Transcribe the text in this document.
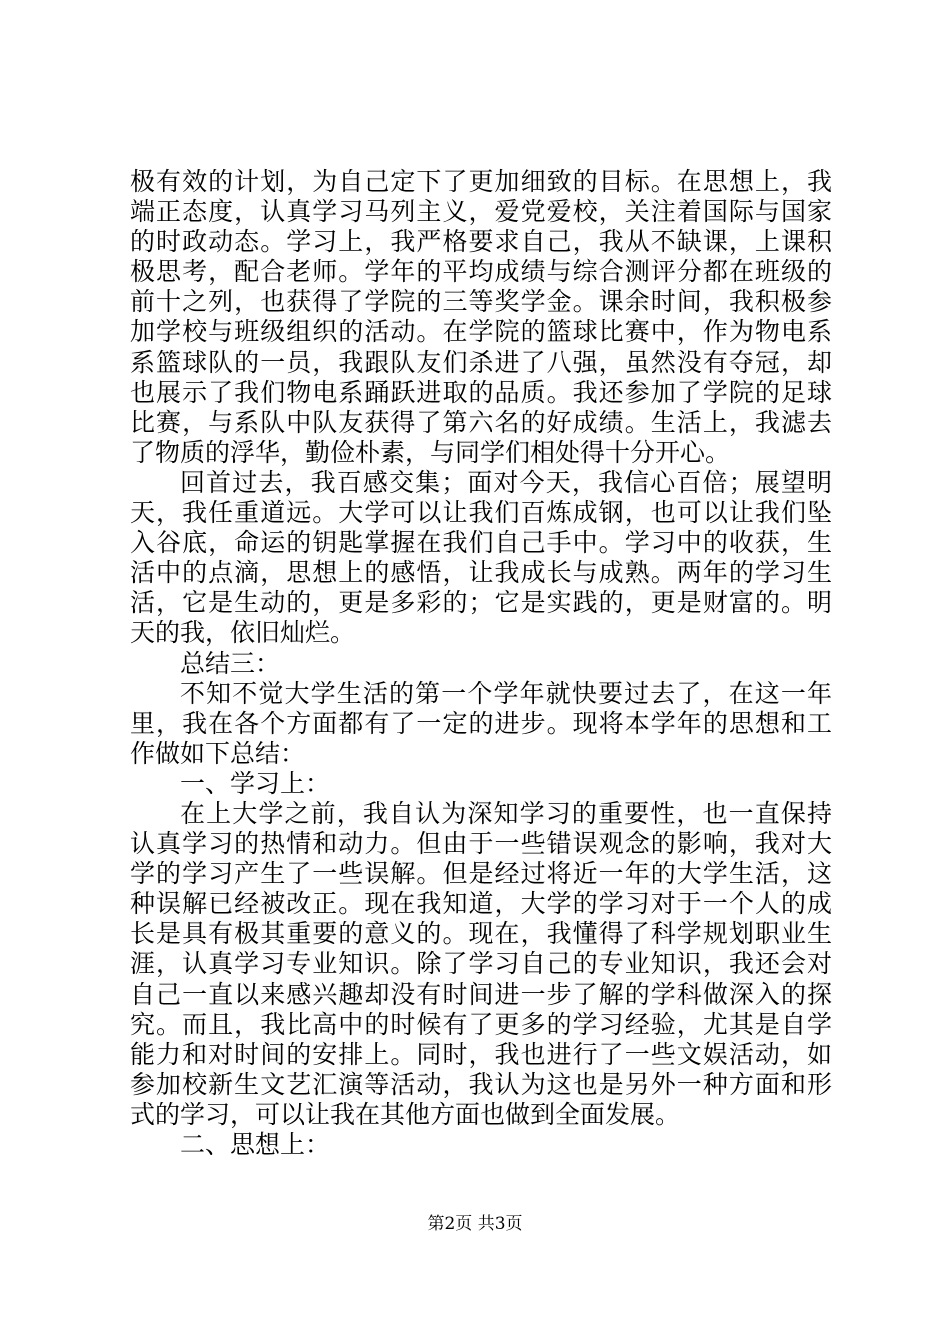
极有效的计划，为自己定下了更加细致的目标。在思想上，我
端正态度，认真学习马列主义，爱党爱校，关注着国际与国家
的时政动态。学习上，我严格要求自己，我从不缺课，上课积
极思考，配合老师。学年的平均成绩与综合测评分都在班级的
前十之列，也获得了学院的三等奖学金。课余时间，我积极参
加学校与班级组织的活动。在学院的篮球比赛中，作为物电系
系篮球队的一员，我跟队友们杀进了八强，虽然没有夺冠，却
也展示了我们物电系踊跃进取的品质。我还参加了学院的足球
比赛，与系队中队友获得了第六名的好成绩。生活上，我滤去
了物质的浮华，勤俭朴素，与同学们相处得十分开心。
回首过去，我百感交集；面对今天，我信心百倍；展望明
天，我任重道远。大学可以让我们百炼成钢，也可以让我们坠
入谷底，命运的钥匙掌握在我们自己手中。学习中的收获，生
活中的点滴，思想上的感悟，让我成长与成熟。两年的学习生
活，它是生动的，更是多彩的；它是实践的，更是财富的。明
天的我，依旧灿烂。
总结三：
不知不觉大学生活的第一个学年就快要过去了，在这一年
里，我在各个方面都有了一定的进步。现将本学年的思想和工
作做如下总结：
一、学习上：
在上大学之前，我自认为深知学习的重要性，也一直保持
认真学习的热情和动力。但由于一些错误观念的影响，我对大
学的学习产生了一些误解。但是经过将近一年的大学生活，这
种误解已经被改正。现在我知道，大学的学习对于一个人的成
长是具有极其重要的意义的。现在，我懂得了科学规划职业生
涯，认真学习专业知识。除了学习自己的专业知识，我还会对
自己一直以来感兴趣却没有时间进一步了解的学科做深入的探
究。而且，我比高中的时候有了更多的学习经验，尤其是自学
能力和对时间的安排上。同时，我也进行了一些文娱活动，如
参加校新生文艺汇演等活动，我认为这也是另外一种方面和形
式的学习，可以让我在其他方面也做到全面发展。
二、思想上：
第2页 共3页
